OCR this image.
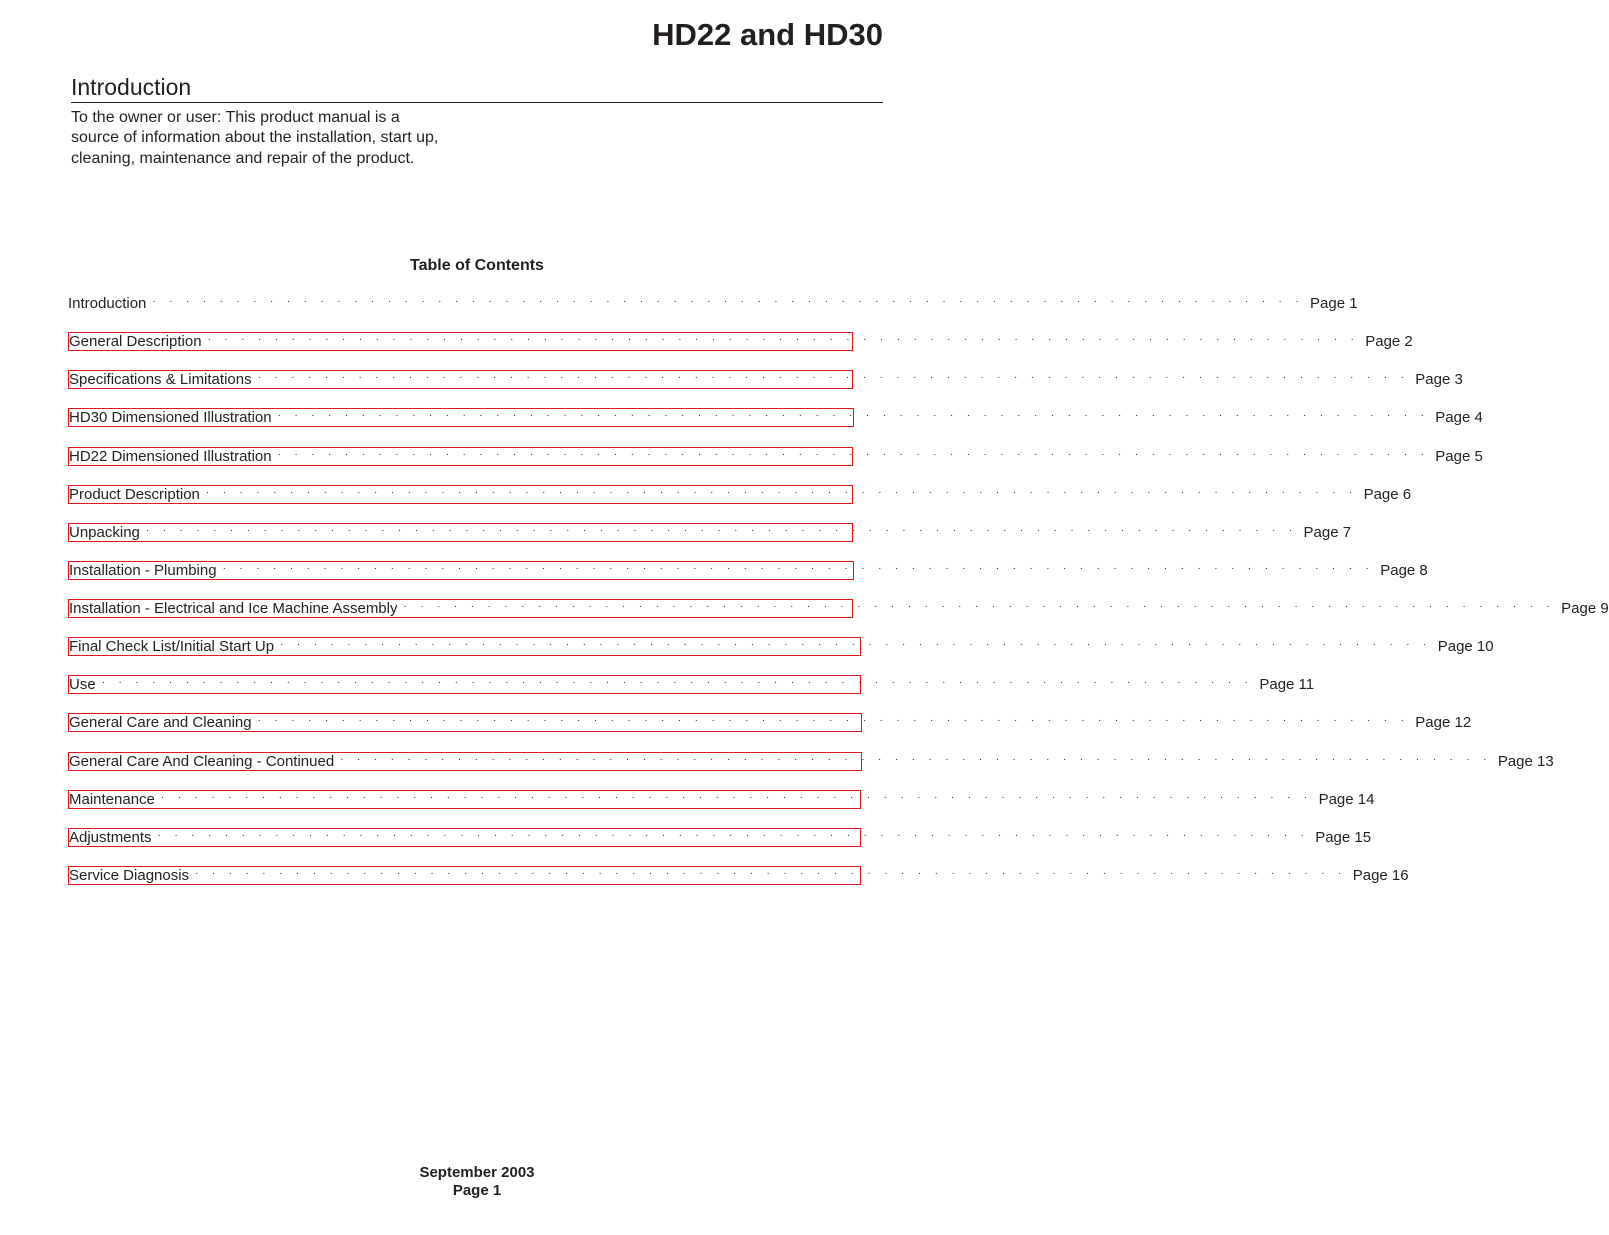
HD22 and HD30
Introduction

To the owner or user: This product manual is a source of information about the installation, start up, cleaning, maintenance and repair of the product.

Table of Contents
Introduction · · · · · · · · · · · · · · · · · · · · · · · · · · · · · · · · · · · · · · · · · · · · · · · · · · · · · · · · · · · · · · · · · · · · · Page 1
General Description · · · · · · · · · · · · · · · · · · · · · · · · · · · · · · · · · · · · · · · · · · · · · · · · · · · · · · · · · · · · · · · · · · · · · Page 2
Specifications & Limitations · · · · · · · · · · · · · · · · · · · · · · · · · · · · · · · · · · · · · · · · · · · · · · · · · · · · · · · · · · · · · · · · · · · · · Page 3
HD30 Dimensioned Illustration · · · · · · · · · · · · · · · · · · · · · · · · · · · · · · · · · · · · · · · · · · · · · · · · · · · · · · · · · · · · · · · · · · · · · Page 4
HD22 Dimensioned Illustration · · · · · · · · · · · · · · · · · · · · · · · · · · · · · · · · · · · · · · · · · · · · · · · · · · · · · · · · · · · · · · · · · · · · · Page 5
Product Description · · · · · · · · · · · · · · · · · · · · · · · · · · · · · · · · · · · · · · · · · · · · · · · · · · · · · · · · · · · · · · · · · · · · · Page 6
Unpacking · · · · · · · · · · · · · · · · · · · · · · · · · · · · · · · · · · · · · · · · · · · · · · · · · · · · · · · · · · · · · · · · · · · · · Page 7
Installation - Plumbing · · · · · · · · · · · · · · · · · · · · · · · · · · · · · · · · · · · · · · · · · · · · · · · · · · · · · · · · · · · · · · · · · · · · · Page 8
Installation - Electrical and Ice Machine Assembly · · · · · · · · · · · · · · · · · · · · · · · · · · · · · · · · · · · · · · · · · · · · · · · · · · · · · · · · · · · · · · · · · · · · · Page 9
Final Check List/Initial Start Up · · · · · · · · · · · · · · · · · · · · · · · · · · · · · · · · · · · · · · · · · · · · · · · · · · · · · · · · · · · · · · · · · · · · · Page 10
Use · · · · · · · · · · · · · · · · · · · · · · · · · · · · · · · · · · · · · · · · · · · · · · · · · · · · · · · · · · · · · · · · · · · · · Page 11
General Care and Cleaning · · · · · · · · · · · · · · · · · · · · · · · · · · · · · · · · · · · · · · · · · · · · · · · · · · · · · · · · · · · · · · · · · · · · · Page 12
General Care And Cleaning - Continued · · · · · · · · · · · · · · · · · · · · · · · · · · · · · · · · · · · · · · · · · · · · · · · · · · · · · · · · · · · · · · · · · · · · · Page 13
Maintenance · · · · · · · · · · · · · · · · · · · · · · · · · · · · · · · · · · · · · · · · · · · · · · · · · · · · · · · · · · · · · · · · · · · · · Page 14
Adjustments · · · · · · · · · · · · · · · · · · · · · · · · · · · · · · · · · · · · · · · · · · · · · · · · · · · · · · · · · · · · · · · · · · · · · Page 15
Service Diagnosis · · · · · · · · · · · · · · · · · · · · · · · · · · · · · · · · · · · · · · · · · · · · · · · · · · · · · · · · · · · · · · · · · · · · · Page 16
September 2003
Page 1
